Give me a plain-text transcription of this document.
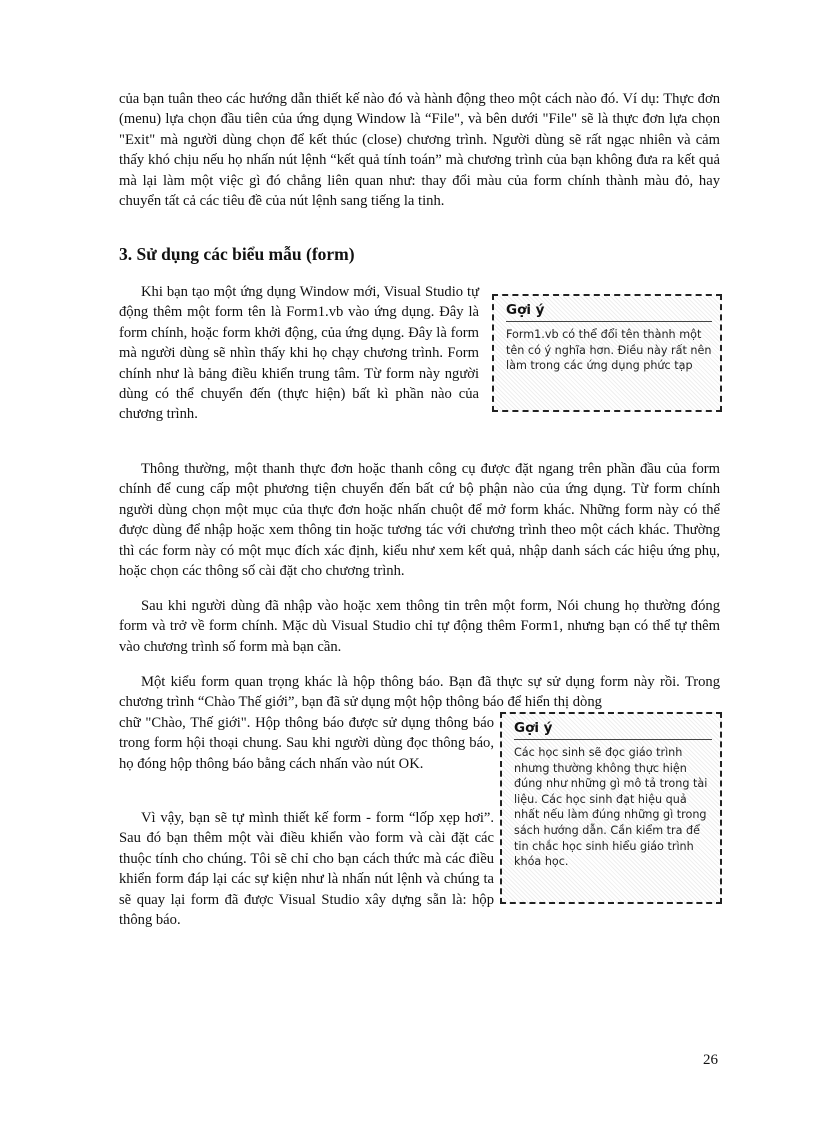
của bạn tuân theo các hướng dẫn thiết kế nào đó và hành động theo một cách nào đó. Ví dụ: Thực đơn (menu) lựa chọn đầu tiên của ứng dụng Window là “File", và bên dưới "File" sẽ là thực đơn lựa chọn "Exit" mà người dùng chọn để kết thúc (close) chương trình. Người dùng sẽ rất ngạc nhiên và cảm thấy khó chịu nếu họ nhấn nút lệnh “kết quả tính toán” mà chương trình của bạn không đưa ra kết quả mà lại làm một việc gì đó chẳng liên quan như: thay đổi màu của form chính thành màu đỏ, hay chuyển tất cả các tiêu đề của nút lệnh sang tiếng la tinh.

3. Sử dụng các biểu mẫu (form)

Khi bạn tạo một ứng dụng Window mới, Visual Studio tự động thêm một form tên là Form1.vb vào ứng dụng. Đây là form chính, hoặc form khởi động, của ứng dụng. Đây là form mà người dùng sẽ nhìn thấy khi họ chạy chương trình. Form chính như là bảng điều khiển trung tâm. Từ form này người dùng có thể chuyển đến (thực hiện) bất kì phần nào của chương trình.

Gợi ý
Form1.vb có thể đổi tên thành một tên có ý nghĩa hơn. Điều này rất nên làm trong các ứng dụng phức tạp

Thông thường, một thanh thực đơn hoặc thanh công cụ được đặt ngang trên phần đầu của form chính để cung cấp một phương tiện chuyển đến bất cứ bộ phận nào của ứng dụng. Từ form chính người dùng chọn một mục của thực đơn hoặc nhấn chuột để mở form khác. Những form này có thể được dùng để nhập hoặc xem thông tin hoặc tương tác với chương trình theo một cách khác. Thường thì các form này có một mục đích xác định, kiểu như xem kết quả, nhập danh sách các hiệu ứng phụ, hoặc chọn các thông số cài đặt cho chương trình.

Sau khi người dùng đã nhập vào hoặc xem thông tin trên một form, Nói chung họ thường đóng form và trở về form chính. Mặc dù Visual Studio chỉ tự động thêm Form1, nhưng bạn có thể tự thêm vào chương trình số form mà bạn cần.

Một kiểu form quan trọng khác là hộp thông báo. Bạn đã thực sự sử dụng form này rồi. Trong chương trình “Chào Thế giới”, bạn đã sử dụng một hộp thông báo để hiển thị dòng

chữ "Chào, Thế giới". Hộp thông báo được sử dụng thông báo trong form hội thoại chung. Sau khi người dùng đọc thông báo, họ đóng hộp thông báo bằng cách nhấn vào nút OK.

Gợi ý
Các học sinh sẽ đọc giáo trình nhưng thường không thực hiện đúng như những gì mô tả trong tài liệu. Các học sinh đạt hiệu quả nhất nếu làm đúng những gì trong sách hướng dẫn. Cần kiểm tra để tin chắc học sinh hiểu giáo trình khóa học.

Vì vậy, bạn sẽ tự mình thiết kế form - form “lốp xẹp hơi”. Sau đó bạn thêm một vài điều khiển vào form và cài đặt các thuộc tính cho chúng. Tôi sẽ chỉ cho bạn cách thức mà các điều khiển form đáp lại các sự kiện như là nhấn nút lệnh và chúng ta sẽ quay lại form đã được Visual Studio xây dựng sẵn là: hộp thông báo.

26
